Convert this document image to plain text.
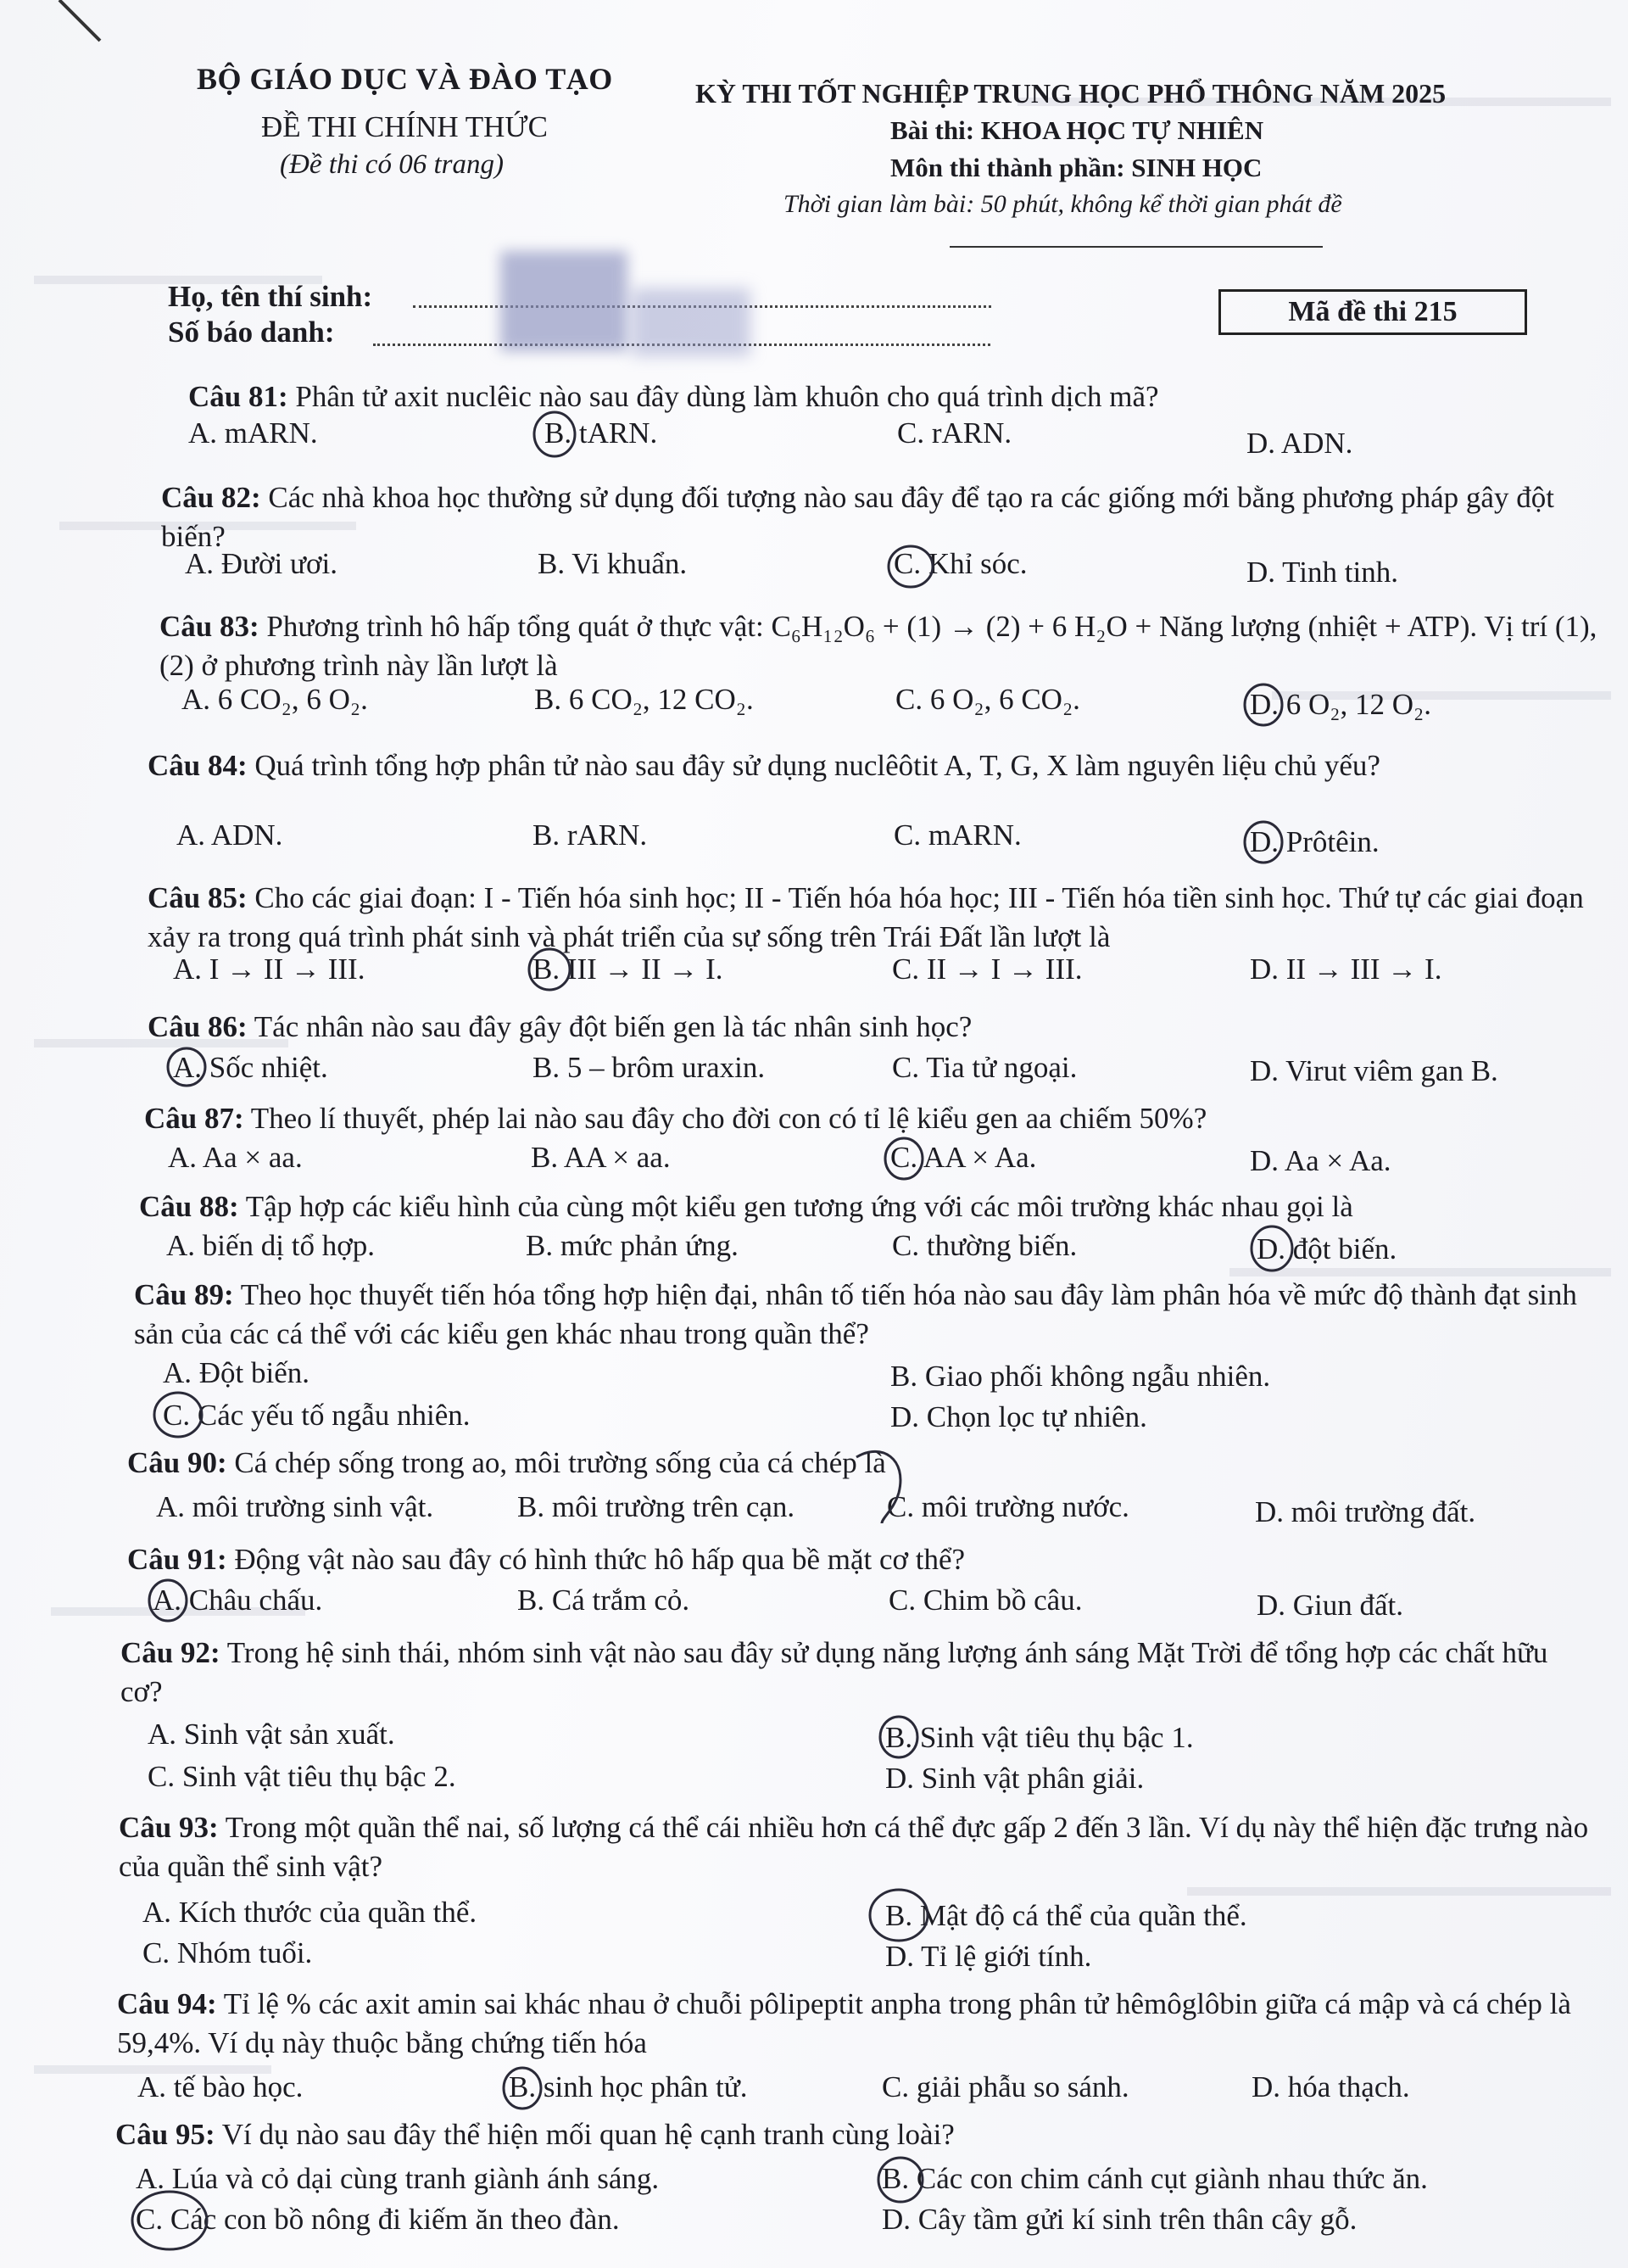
BỘ GIÁO DỤC VÀ ĐÀO TẠO
ĐỀ THI CHÍNH THỨC
(Đề thi có 06 trang)
KỲ THI TỐT NGHIỆP TRUNG HỌC PHỔ THÔNG NĂM 2025
Bài thi: KHOA HỌC TỰ NHIÊN
Môn thi thành phần: SINH HỌC
Thời gian làm bài: 50 phút, không kể thời gian phát đề
Họ, tên thí sinh:
Số báo danh:
Mã đề thi 215
Câu 81: Phân tử axit nuclêic nào sau đây dùng làm khuôn cho quá trình dịch mã?
A. mARN.	B. tARN.	C. rARN.	D. ADN.
Câu 82: Các nhà khoa học thường sử dụng đối tượng nào sau đây để tạo ra các giống mới bằng phương pháp gây đột biến?
A. Đười ươi.	B. Vi khuẩn.	C. Khỉ sóc.	D. Tinh tinh.
Câu 83: Phương trình hô hấp tổng quát ở thực vật: C₆H₁₂O₆ + (1) → (2) + 6 H₂O + Năng lượng (nhiệt + ATP). Vị trí (1), (2) ở phương trình này lần lượt là
A. 6 CO₂, 6 O₂.	B. 6 CO₂, 12 CO₂.	C. 6 O₂, 6 CO₂.	D. 6 O₂, 12 O₂.
Câu 84: Quá trình tổng hợp phân tử nào sau đây sử dụng nuclêôtit A, T, G, X làm nguyên liệu chủ yếu?
A. ADN.	B. rARN.	C. mARN.	D. Prôtêin.
Câu 85: Cho các giai đoạn: I - Tiến hóa sinh học; II - Tiến hóa hóa học; III - Tiến hóa tiền sinh học. Thứ tự các giai đoạn xảy ra trong quá trình phát sinh và phát triển của sự sống trên Trái Đất lần lượt là
A. I → II → III.	B. III → II → I.	C. II → I → III.	D. II → III → I.
Câu 86: Tác nhân nào sau đây gây đột biến gen là tác nhân sinh học?
A. Sốc nhiệt.	B. 5 – brôm uraxin.	C. Tia tử ngoại.	D. Virut viêm gan B.
Câu 87: Theo lí thuyết, phép lai nào sau đây cho đời con có tỉ lệ kiểu gen aa chiếm 50%?
A. Aa × aa.	B. AA × aa.	C. AA × Aa.	D. Aa × Aa.
Câu 88: Tập hợp các kiểu hình của cùng một kiểu gen tương ứng với các môi trường khác nhau gọi là
A. biến dị tổ hợp.	B. mức phản ứng.	C. thường biến.	D. đột biến.
Câu 89: Theo học thuyết tiến hóa tổng hợp hiện đại, nhân tố tiến hóa nào sau đây làm phân hóa về mức độ thành đạt sinh sản của các cá thể với các kiểu gen khác nhau trong quần thể?
A. Đột biến.	B. Giao phối không ngẫu nhiên.
C. Các yếu tố ngẫu nhiên.	D. Chọn lọc tự nhiên.
Câu 90: Cá chép sống trong ao, môi trường sống của cá chép là
A. môi trường sinh vật.	B. môi trường trên cạn.	C. môi trường nước.	D. môi trường đất.
Câu 91: Động vật nào sau đây có hình thức hô hấp qua bề mặt cơ thể?
A. Châu chấu.	B. Cá trắm cỏ.	C. Chim bồ câu.	D. Giun đất.
Câu 92: Trong hệ sinh thái, nhóm sinh vật nào sau đây sử dụng năng lượng ánh sáng Mặt Trời để tổng hợp các chất hữu cơ?
A. Sinh vật sản xuất.	B. Sinh vật tiêu thụ bậc 1.
C. Sinh vật tiêu thụ bậc 2.	D. Sinh vật phân giải.
Câu 93: Trong một quần thể nai, số lượng cá thể cái nhiều hơn cá thể đực gấp 2 đến 3 lần. Ví dụ này thể hiện đặc trưng nào của quần thể sinh vật?
A. Kích thước của quần thể.	B. Mật độ cá thể của quần thể.
C. Nhóm tuổi.	D. Tỉ lệ giới tính.
Câu 94: Tỉ lệ % các axit amin sai khác nhau ở chuỗi pôlipeptit anpha trong phân tử hêmôglôbin giữa cá mập và cá chép là 59,4%. Ví dụ này thuộc bằng chứng tiến hóa
A. tế bào học.	B. sinh học phân tử.	C. giải phẫu so sánh.	D. hóa thạch.
Câu 95: Ví dụ nào sau đây thể hiện mối quan hệ cạnh tranh cùng loài?
A. Lúa và cỏ dại cùng tranh giành ánh sáng.	B. Các con chim cánh cụt giành nhau thức ăn.
C. Các con bồ nông đi kiếm ăn theo đàn.	D. Cây tầm gửi kí sinh trên thân cây gỗ.
